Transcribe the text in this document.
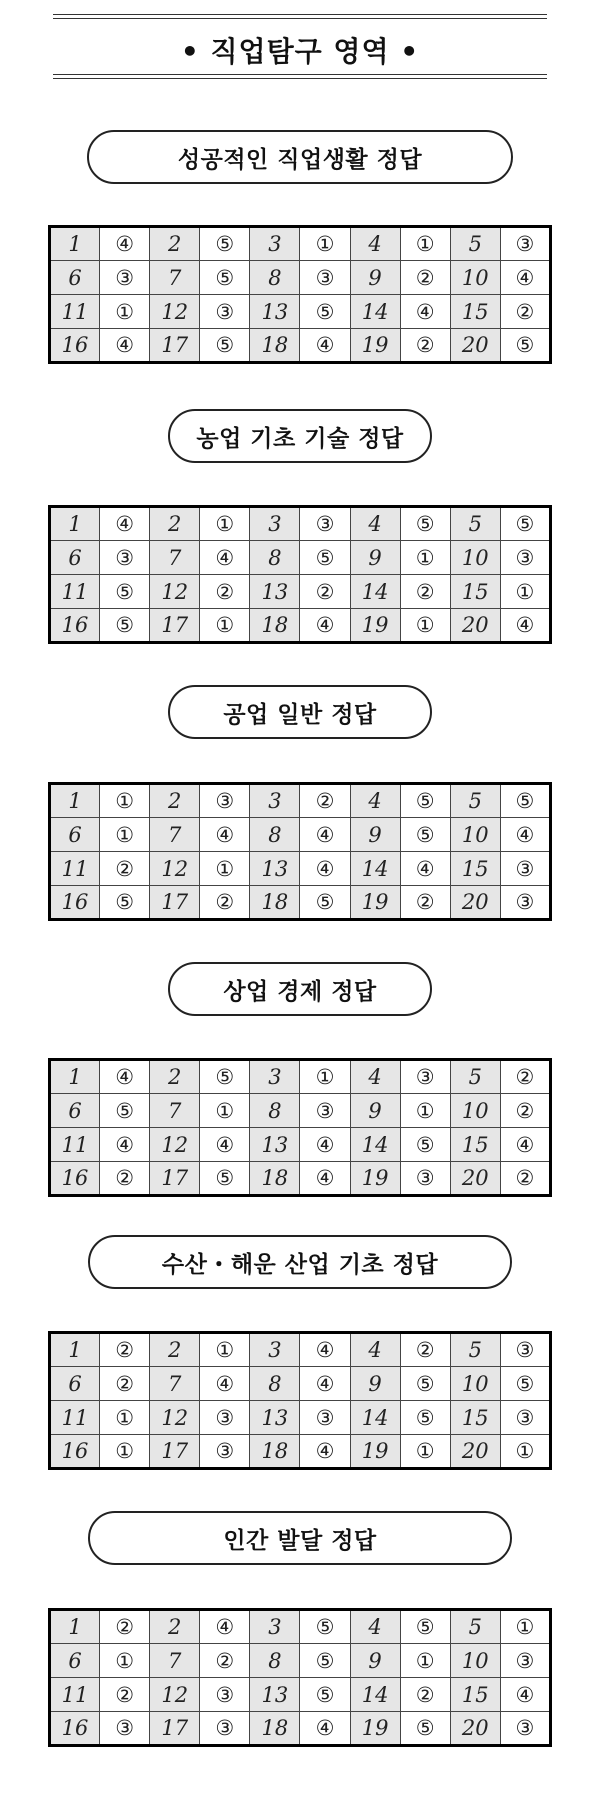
• 직업탐구 영역 •
성공적인 직업생활 정답
1	④	2	⑤	3	①	4	①	5	③
6	③	7	⑤	8	③	9	②	10	④
11	①	12	③	13	⑤	14	④	15	②
16	④	17	⑤	18	④	19	②	20	⑤
농업 기초 기술 정답
1	④	2	①	3	③	4	⑤	5	⑤
6	③	7	④	8	⑤	9	①	10	③
11	⑤	12	②	13	②	14	②	15	①
16	⑤	17	①	18	④	19	①	20	④
공업 일반 정답
1	①	2	③	3	②	4	⑤	5	⑤
6	①	7	④	8	④	9	⑤	10	④
11	②	12	①	13	④	14	④	15	③
16	⑤	17	②	18	⑤	19	②	20	③
상업 경제 정답
1	④	2	⑤	3	①	4	③	5	②
6	⑤	7	①	8	③	9	①	10	②
11	④	12	④	13	④	14	⑤	15	④
16	②	17	⑤	18	④	19	③	20	②
수산・해운 산업 기초 정답
1	②	2	①	3	④	4	②	5	③
6	②	7	④	8	④	9	⑤	10	⑤
11	①	12	③	13	③	14	⑤	15	③
16	①	17	③	18	④	19	①	20	①
인간 발달 정답
1	②	2	④	3	⑤	4	⑤	5	①
6	①	7	②	8	⑤	9	①	10	③
11	②	12	③	13	⑤	14	②	15	④
16	③	17	③	18	④	19	⑤	20	③
